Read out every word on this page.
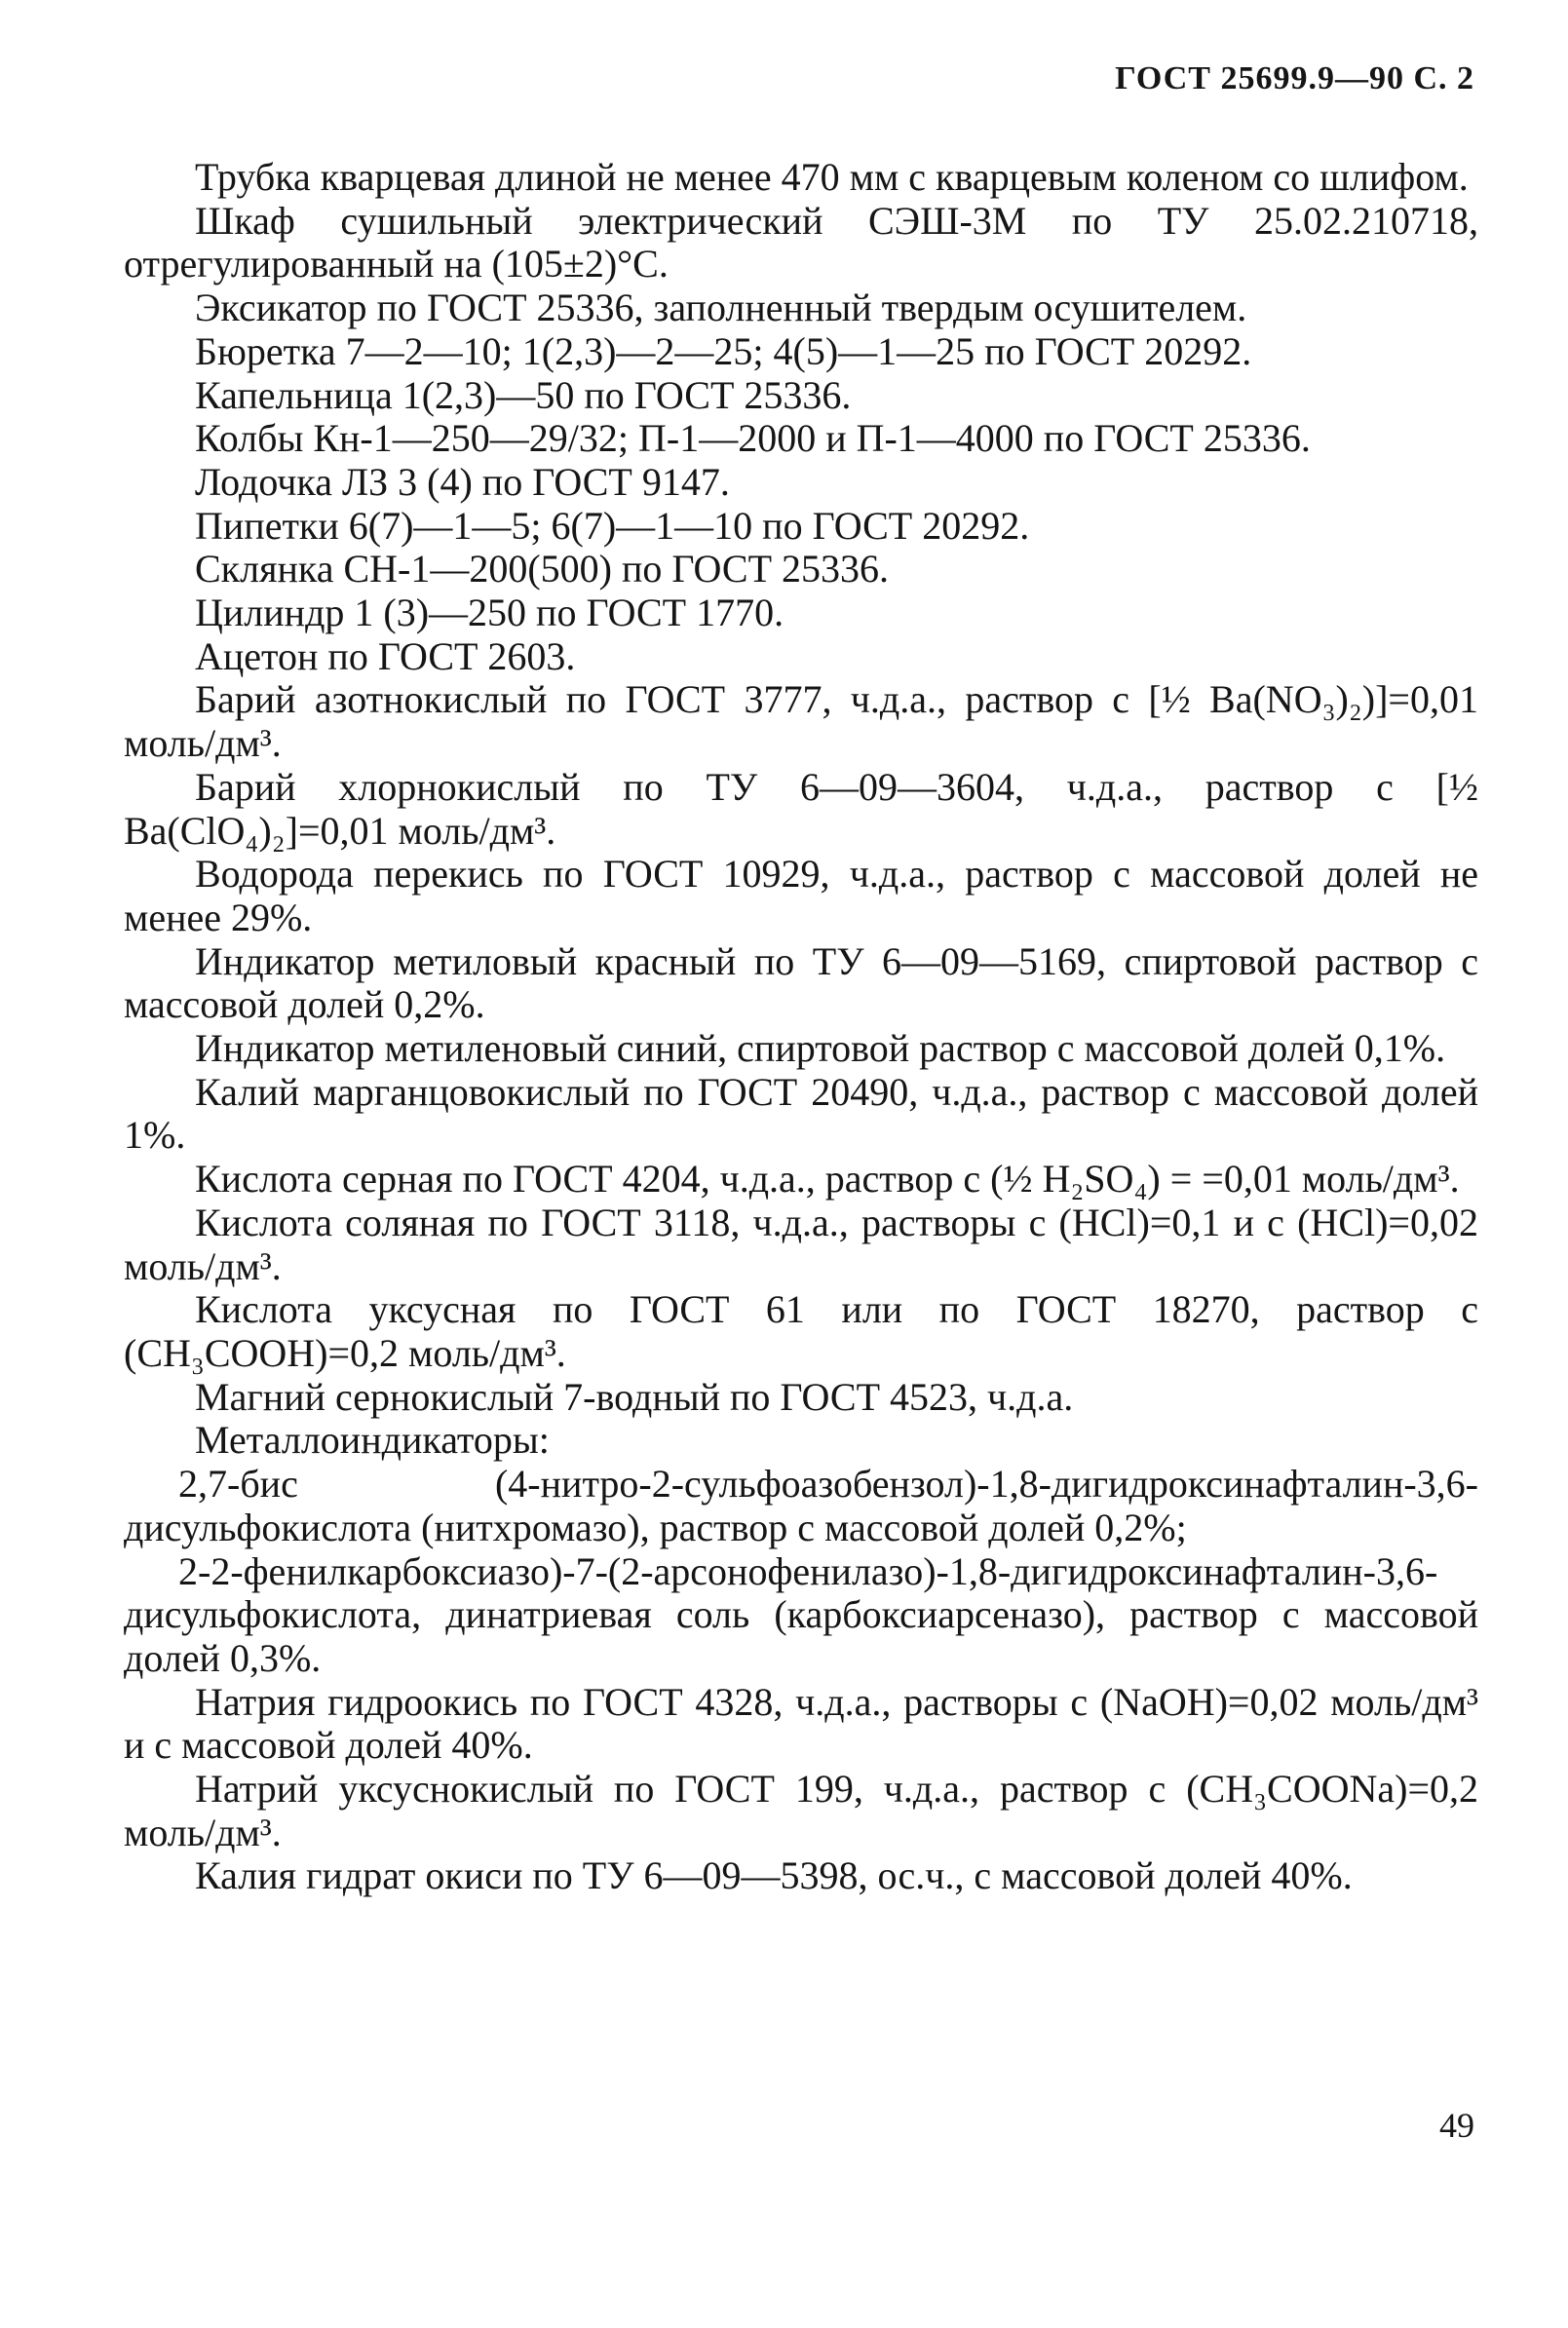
ГОСТ 25699.9—90 С. 2

Трубка кварцевая длиной не менее 470 мм с кварцевым коленом со шлифом.

Шкаф сушильный электрический СЭШ-3М по ТУ 25.02.210718, отрегулированный на (105±2)°С.

Эксикатор по ГОСТ 25336, заполненный твердым осушителем.

Бюретка 7—2—10; 1(2,3)—2—25; 4(5)—1—25 по ГОСТ 20292.

Капельница 1(2,3)—50 по ГОСТ 25336.

Колбы Кн-1—250—29/32; П-1—2000 и П-1—4000 по ГОСТ 25336.

Лодочка ЛЗ 3 (4) по ГОСТ 9147.

Пипетки 6(7)—1—5; 6(7)—1—10 по ГОСТ 20292.

Склянка СН-1—200(500) по ГОСТ 25336.

Цилиндр 1 (3)—250 по ГОСТ 1770.

Ацетон по ГОСТ 2603.

Барий азотнокислый по ГОСТ 3777, ч.д.а., раствор с [½ Ba(NO₃)₂)]=0,01 моль/дм³.

Барий хлорнокислый по ТУ 6—09—3604, ч.д.а., раствор с [½ Ba(ClO₄)₂]=0,01 моль/дм³.

Водорода перекись по ГОСТ 10929, ч.д.а., раствор с массовой долей не менее 29%.

Индикатор метиловый красный по ТУ 6—09—5169, спиртовой раствор с массовой долей 0,2%.

Индикатор метиленовый синий, спиртовой раствор с массовой долей 0,1%.

Калий марганцовокислый по ГОСТ 20490, ч.д.а., раствор с массовой долей 1%.

Кислота серная по ГОСТ 4204, ч.д.а., раствор с (½ H₂SO₄) = =0,01 моль/дм³.

Кислота соляная по ГОСТ 3118, ч.д.а., растворы с (HCl)=0,1 и с (HCl)=0,02 моль/дм³.

Кислота уксусная по ГОСТ 61 или по ГОСТ 18270, раствор с (CH₃COOH)=0,2 моль/дм³.

Магний сернокислый 7-водный по ГОСТ 4523, ч.д.а.

Металлоиндикаторы:

2,7-бис (4-нитро-2-сульфоазобензол)-1,8-дигидроксинафталин-3,6-дисульфокислота (нитхромазо), раствор с массовой долей 0,2%;

2-2-фенилкарбоксиазо)-7-(2-арсонофенилазо)-1,8-дигидроксинафталин-3,6-дисульфокислота, динатриевая соль (карбоксиарсеназо), раствор с массовой долей 0,3%.

Натрия гидроокись по ГОСТ 4328, ч.д.а., растворы с (NaOH)=0,02 моль/дм³ и с массовой долей 40%.

Натрий уксуснокислый по ГОСТ 199, ч.д.а., раствор с (CH₃COONa)=0,2 моль/дм³.

Калия гидрат окиси по ТУ 6—09—5398, ос.ч., с массовой долей 40%.

49
